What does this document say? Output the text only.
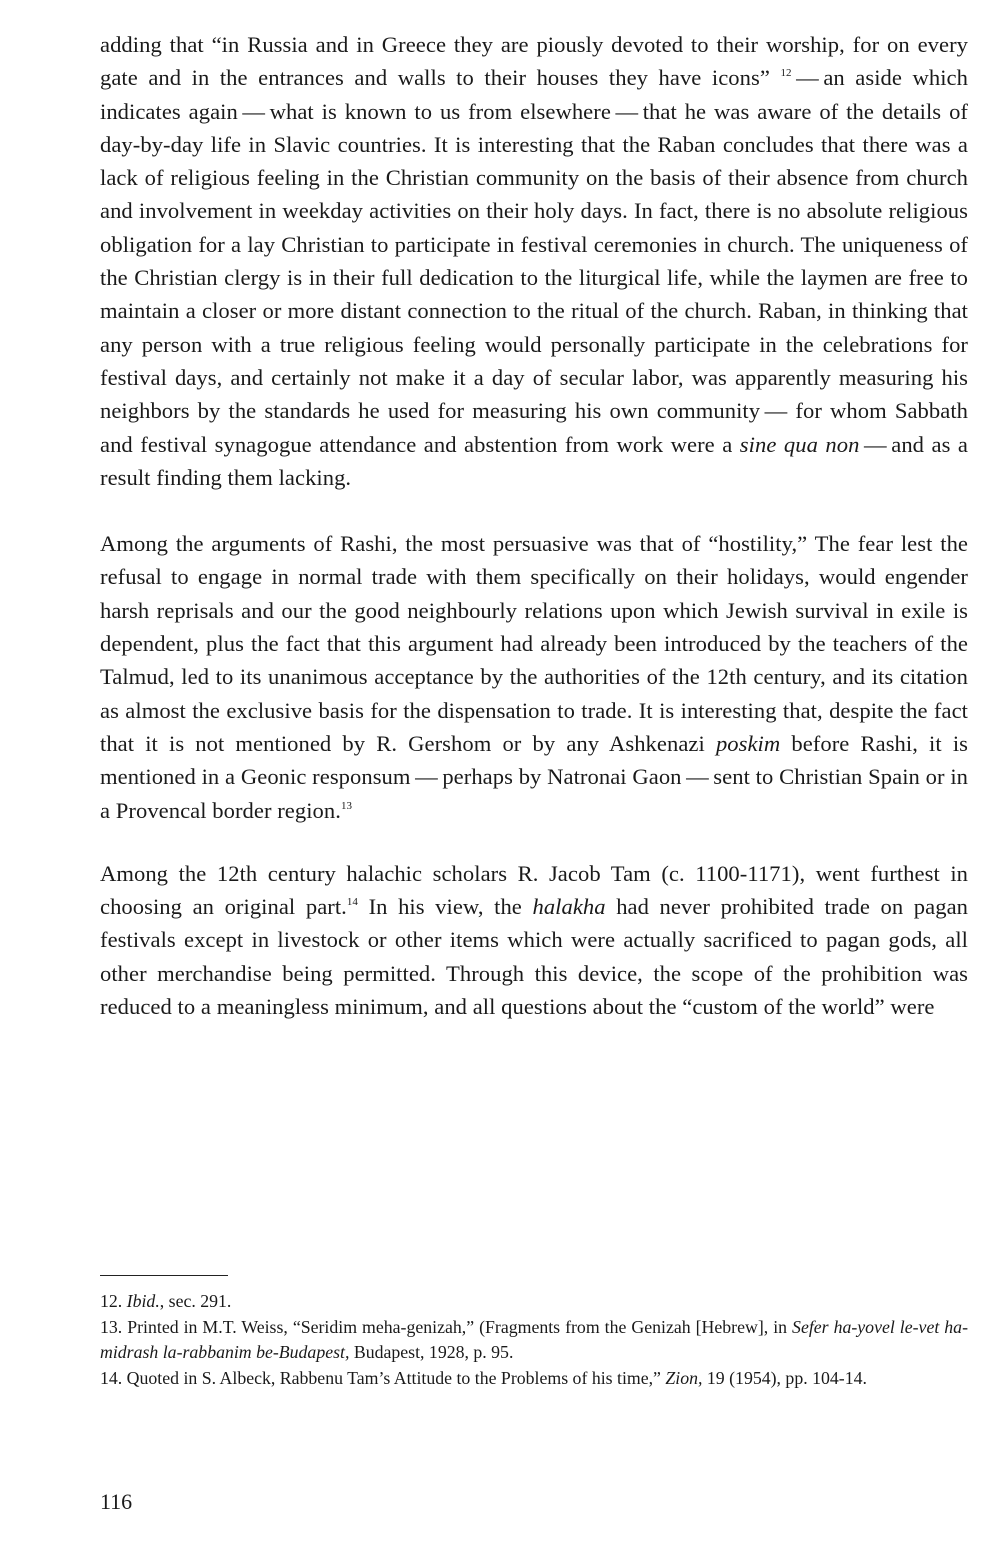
adding that “in Russia and in Greece they are piously devoted to their worship, for on every gate and in the entrances and walls to their houses they have icons” $^{12}$ — an aside which indicates again — what is known to us from elsewhere — that he was aware of the details of day-by-day life in Slavic countries. It is interesting that the Raban concludes that there was a lack of religious feeling in the Christian community on the basis of their absence from church and involvement in weekday activities on their holy days. In fact, there is no absolute religious obligation for a lay Christian to participate in festival ceremonies in church. The uniqueness of the Christian clergy is in their full dedication to the liturgical life, while the laymen are free to maintain a closer or more distant connection to the ritual of the church. Raban, in thinking that any person with a true religious feeling would personally participate in the celebrations for festival days, and certainly not make it a day of secular labor, was apparently measuring his neighbors by the standards he used for measuring his own community — for whom Sabbath and festival synagogue attendance and abstention from work were a sine qua non — and as a result finding them lacking.

Among the arguments of Rashi, the most persuasive was that of “hostility,” The fear lest the refusal to engage in normal trade with them specifically on their holidays, would engender harsh reprisals and our the good neighbourly relations upon which Jewish survival in exile is dependent, plus the fact that this argument had already been introduced by the teachers of the Talmud, led to its unanimous acceptance by the authorities of the 12th century, and its citation as almost the exclusive basis for the dispensation to trade. It is interesting that, despite the fact that it is not mentioned by R. Gershom or by any Ashkenazi poskim before Rashi, it is mentioned in a Geonic responsum — perhaps by Natronai Gaon — sent to Christian Spain or in a Provencal border region.$^{13}$

Among the 12th century halachic scholars R. Jacob Tam (c. 1100-1171), went furthest in choosing an original part.$^{14}$ In his view, the halakha had never prohibited trade on pagan festivals except in livestock or other items which were actually sacrificed to pagan gods, all other merchandise being permitted. Through this device, the scope of the prohibition was reduced to a meaningless minimum, and all questions about the “custom of the world” were

12. Ibid., sec. 291.

13. Printed in M.T. Weiss, “Seridim meha-genizah,” (Fragments from the Genizah [Hebrew], in Sefer ha-yovel le-vet ha-midrash la-rabbanim be-Budapest, Budapest, 1928, p. 95.

14. Quoted in S. Albeck, Rabbenu Tam’s Attitude to the Problems of his time,” Zion, 19 (1954), pp. 104-14.

116
